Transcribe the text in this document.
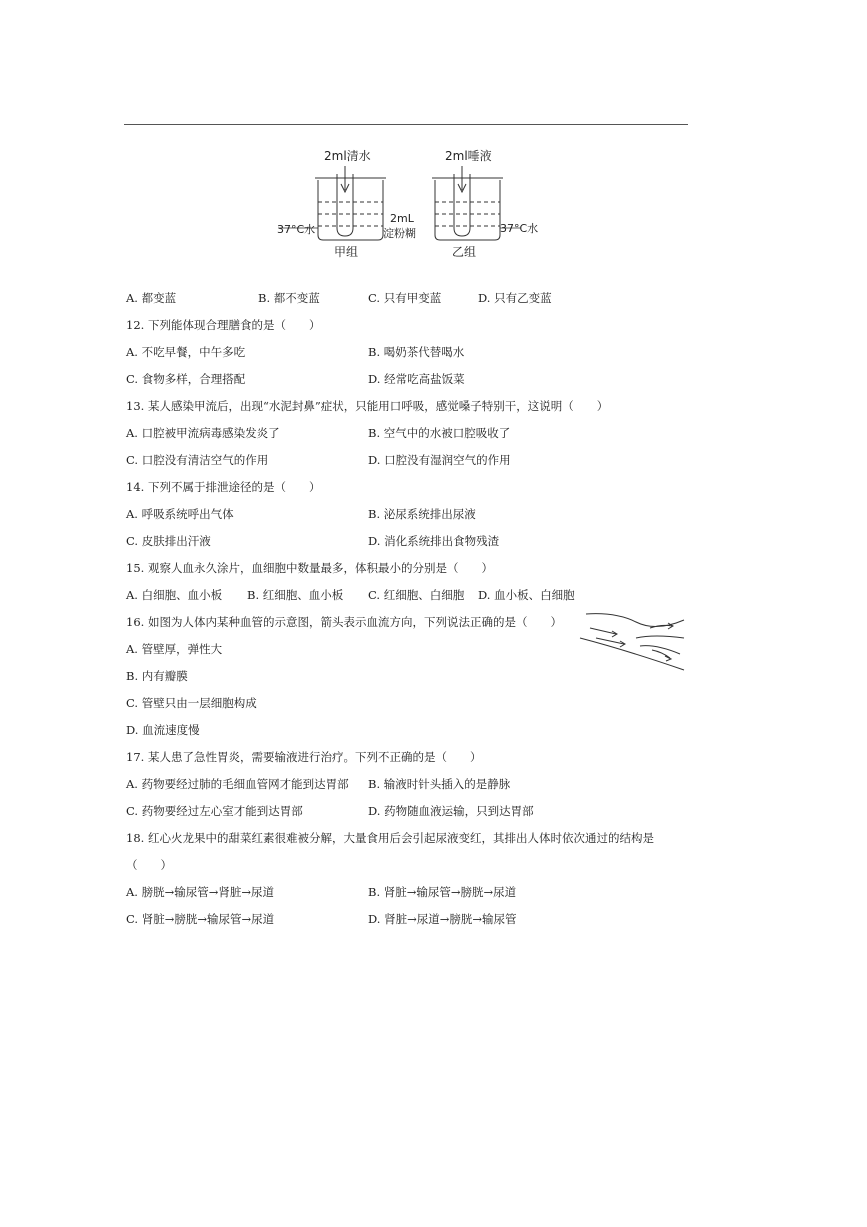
2ml清水	2ml唾液
2mL
淀粉糊
37°C水	37°C水
甲组	乙组
A. 都变蓝	B. 都不变蓝	C. 只有甲变蓝	D. 只有乙变蓝
12. 下列能体现合理膳食的是（　　）
A. 不吃早餐，中午多吃	B. 喝奶茶代替喝水
C. 食物多样，合理搭配	D. 经常吃高盐饭菜
13. 某人感染甲流后，出现“水泥封鼻”症状，只能用口呼吸，感觉嗓子特别干，这说明（　　）
A. 口腔被甲流病毒感染发炎了	B. 空气中的水被口腔吸收了
C. 口腔没有清洁空气的作用	D. 口腔没有湿润空气的作用
14. 下列不属于排泄途径的是（　　）
A. 呼吸系统呼出气体	B. 泌尿系统排出尿液
C. 皮肤排出汗液	D. 消化系统排出食物残渣
15. 观察人血永久涂片，血细胞中数量最多，体积最小的分别是（　　）
A. 白细胞、血小板 B. 红细胞、血小板 C. 红细胞、白细胞 D. 血小板、白细胞
16. 如图为人体内某种血管的示意图，箭头表示血流方向，下列说法正确的是（　　）
A. 管壁厚，弹性大
B. 内有瓣膜
C. 管壁只由一层细胞构成
D. 血流速度慢
17. 某人患了急性胃炎，需要输液进行治疗。下列不正确的是（　　）
A. 药物要经过肺的毛细血管网才能到达胃部 B. 输液时针头插入的是静脉
C. 药物要经过左心室才能到达胃部	D. 药物随血液运输，只到达胃部
18. 红心火龙果中的甜菜红素很难被分解，大量食用后会引起尿液变红，其排出人体时依次通过的结构是
（　　）
A. 膀胱→输尿管→肾脏→尿道	B. 肾脏→输尿管→膀胱→尿道
C. 肾脏→膀胱→输尿管→尿道	D. 肾脏→尿道→膀胱→输尿管
